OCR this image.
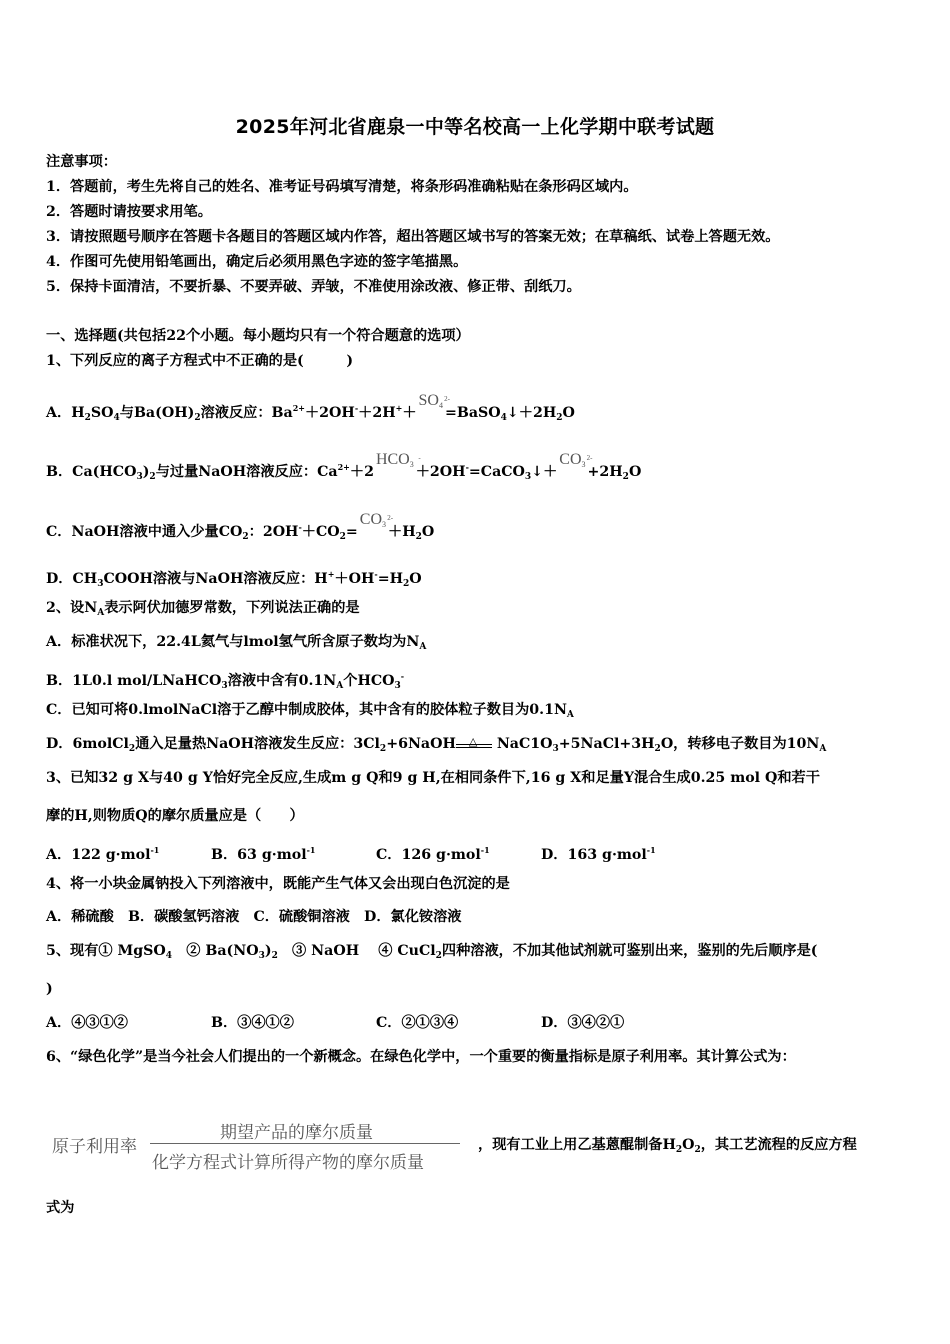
2025年河北省鹿泉一中等名校高一上化学期中联考试题
注意事项：
1．答题前，考生先将自己的姓名、准考证号码填写清楚，将条形码准确粘贴在条形码区域内。
2．答题时请按要求用笔。
3．请按照题号顺序在答题卡各题目的答题区域内作答，超出答题区域书写的答案无效；在草稿纸、试卷上答题无效。
4．作图可先使用铅笔画出，确定后必须用黑色字迹的签字笔描黑。
5．保持卡面清洁，不要折暴、不要弄破、弄皱，不准使用涂改液、修正带、刮纸刀。
一、选择题(共包括22个小题。每小题均只有一个符合题意的选项）
1、下列反应的离子方程式中不正确的是(　　　)
A．$H_2SO_4$与$Ba(OH)_2$溶液反应：$Ba^{2+}+2OH^-+2H^++SO4$
2-
$=BaSO_4↓+2H_2O$
B．$Ca(HCO_3)_2$与过量NaOH溶液反应：$Ca^{2+}+2HCO3$
-
＋2OH-=CaCO$_3$↓＋CO3
2-
$+2H_2O$
C．NaOH溶液中通入少量$CO_2$：$2OH^-+CO_2=CO3$
2-
$+H_2O$
D．$CH_3COOH$溶液与NaOH溶液反应：$H^++OH^-=H_2O$
2、设$N_A$表示阿伏加德罗常数，下列说法正确的是
A．标准状况下，22.4L氦气与lmol氢气所含原子数均为$N_A$
B．1L0.l mol/LNaHCO$_3$溶液中含有$0.1N_A$个$HCO_3^-$
C．已知可将0.lmolNaCl溶于乙醇中制成胶体，其中含有的胶体粒子数目为$0.1N_A$
D．6molCl$_2$通入足量热NaOH溶液发生反应：$3Cl_2+6NaOH$ △ $NaC1O_3+5NaCl+3H_2O$，转移电子数目为$10N_A$
3、已知32 g X与40 g Y恰好完全反应,生成m g Q和9 g H,在相同条件下,16 g X和足量Y混合生成0.25 mol Q和若干
摩的H,则物质Q的摩尔质量应是（　　）
A．122 g·mol$^{-1}$	B．63 g·mol$^{-1}$	C．126 g·mol$^{-1}$	D．163 g·mol$^{-1}$
4、将一小块金属钠投入下列溶液中，既能产生气体又会出现白色沉淀的是
A．稀硫酸　B．碳酸氢钙溶液　C．硫酸铜溶液　D．氯化铵溶液
5、现有① MgSO$_4$　② $Ba(NO_3)_2$　③ NaOH　 ④ CuCl$_2$四种溶液，不加其他试剂就可鉴别出来，鉴别的先后顺序是(
)
A．④③①②	B．③④①②	C．②①③④	D．③④②①
6、“绿色化学”是当今社会人们提出的一个新概念。在绿色化学中，一个重要的衡量指标是原子利用率。其计算公式为：
原子利用率
期望产品的摩尔质量
化学方程式计算所得产物的摩尔质量
，现有工业上用乙基蒽醌制备$H_2O_2$，其工艺流程的反应方程
式为
